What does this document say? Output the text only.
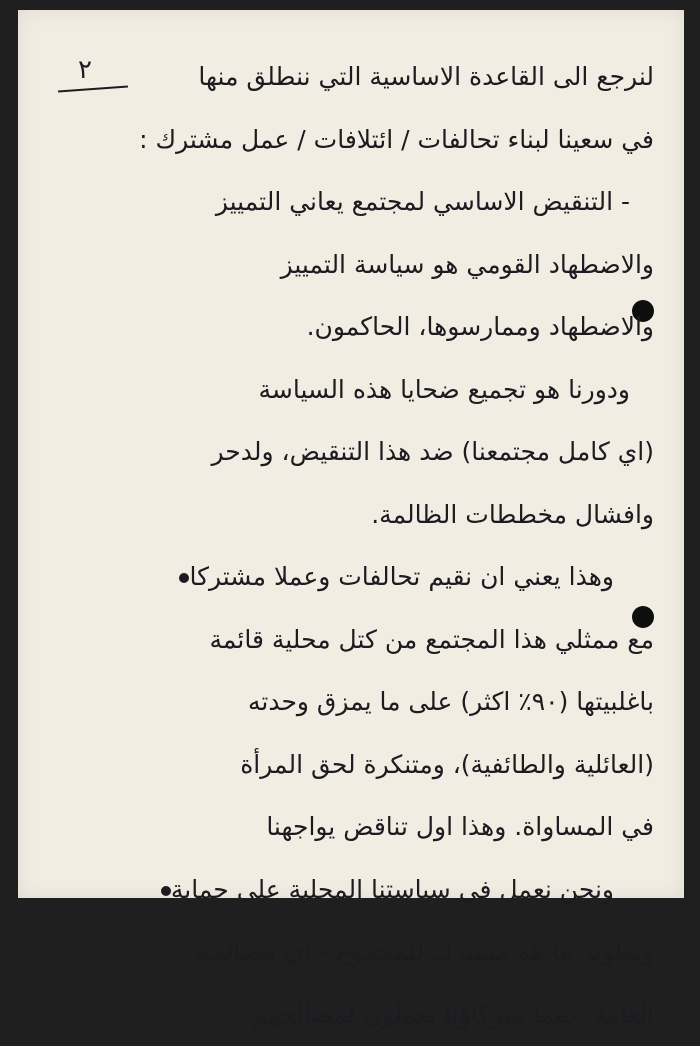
٢	لنرجع الى القاعدة الاساسية التي ننطلق منها
في سعينا لبناء تحالفات / ائتلافات / عمل مشترك :
- التنقيض الاساسي لمجتمع يعاني التمييز
والاضطهاد القومي هو سياسة التمييز
والاضطهاد وممارسوها، الحاكمون.
ودورنا هو تجميع ضحايا هذه السياسة
(اي كامل مجتمعنا) ضد هذا التنقيض، ولدحر
وافشال مخططات الظالمة.
وهذا يعني ان نقيم تحالفات وعملا مشتركا
مع ممثلي هذا المجتمع من كتل محلية قائمة
باغلبيتها (٩٠٪ اكثر) على ما يمزق وحدته
(العائلية والطائفية)، ومتنكرة لحق المرأة
في المساواة. وهذا اول تناقض يواجهنا
ونحن نعمل في سياستنا المحلية على حماية
وتطوير ما هو مشترك للمجموع - اي مصالحه
العامة. بينما شركاؤنا يعملون لمصالحهم
